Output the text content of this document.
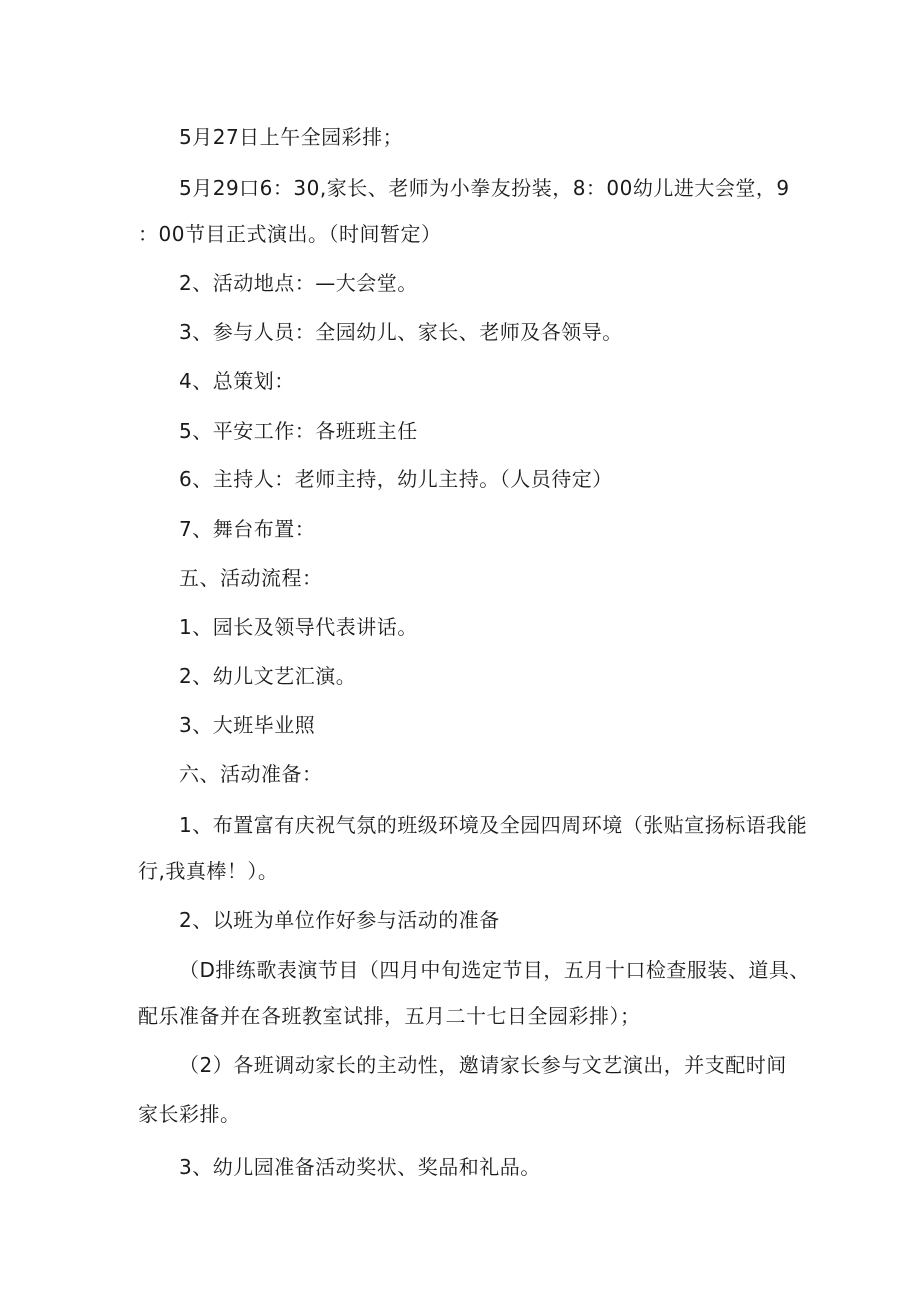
5月27日上午全园彩排；
5月29口6：30,家长、老师为小拳友扮装，8：00幼儿进大会堂，9
：00节目正式演出。（时间暂定）
2、活动地点：—大会堂。
3、参与人员：全园幼儿、家长、老师及各领导。
4、总策划：
5、平安工作：各班班主任
6、主持人：老师主持，幼儿主持。（人员待定）
7、舞台布置：
五、活动流程：
1、园长及领导代表讲话。
2、幼儿文艺汇演。
3、大班毕业照
六、活动准备：
1、布置富有庆祝气氛的班级环境及全园四周环境（张贴宣扬标语我能
行,我真棒！）。
2、以班为单位作好参与活动的准备
（D排练歌表演节目（四月中旬选定节目，五月十口检查服装、道具、
配乐准备并在各班教室试排，五月二十七日全园彩排）；
（2）各班调动家长的主动性，邀请家长参与文艺演出，并支配时间
家长彩排。
3、幼儿园准备活动奖状、奖品和礼品。
